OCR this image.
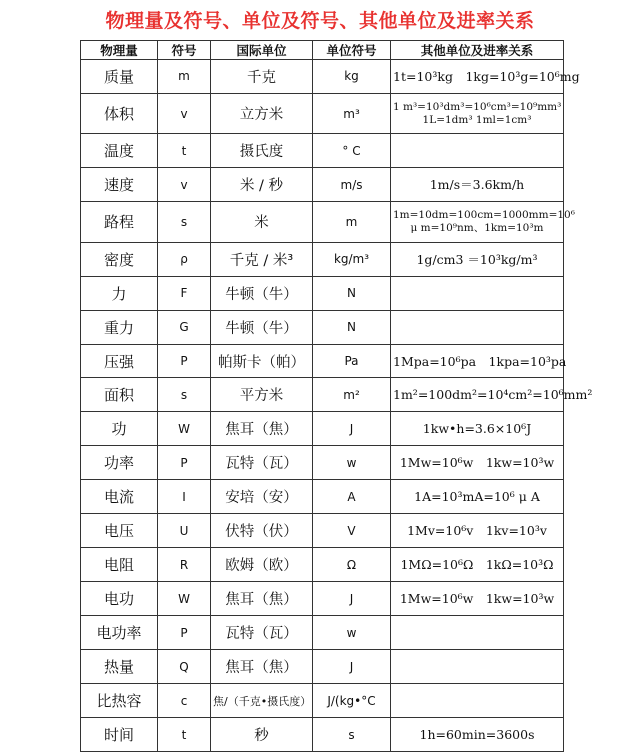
物理量及符号、单位及符号、其他单位及进率关系
物理量	符号	国际单位	单位符号	其他单位及进率关系
质量	m	千克	kg	1t=10³kg　1kg=10³g=10⁶mg

体积	v	立方米	m³	1 m³=10³dm³=10⁶cm³=10⁹mm³
1L=1dm³ 1ml=1cm³

温度	t	摄氏度	° C	
速度	v	米 / 秒	m/s	1m/s＝3.6km/h

路程	s	米	m	1m=10dm=100cm=1000mm=10⁶
μ m=10⁹nm、1km=10³m

密度	ρ	千克 / 米³	kg/m³	1g/cm3 ＝10³kg/m³

力	F	牛顿（牛）	N	
重力	G	牛顿（牛）	N	
压强	P	帕斯卡（帕）	Pa	1Mpa=10⁶pa　1kpa=10³pa

面积	s	平方米	m²	1m²=100dm²=10⁴cm²=10⁶mm²

功	W	焦耳（焦）	J	1kw•h=3.6×10⁶J

功率	P	瓦特（瓦）	w	1Mw=10⁶w　1kw=10³w

电流	I	安培（安）	A	1A=10³mA=10⁶ μ A

电压	U	伏特（伏）	V	1Mv=10⁶v　1kv=10³v

电阻	R	欧姆（欧）	Ω	1MΩ=10⁶Ω　1kΩ=10³Ω

电功	W	焦耳（焦）	J	1Mw=10⁶w　1kw=10³w

电功率	P	瓦特（瓦）	w	
热量	Q	焦耳（焦）	J	
比热容	c	焦/（千克•摄氏度）	J/(kg•°C	
时间	t	秒	s	1h=60min=3600s
